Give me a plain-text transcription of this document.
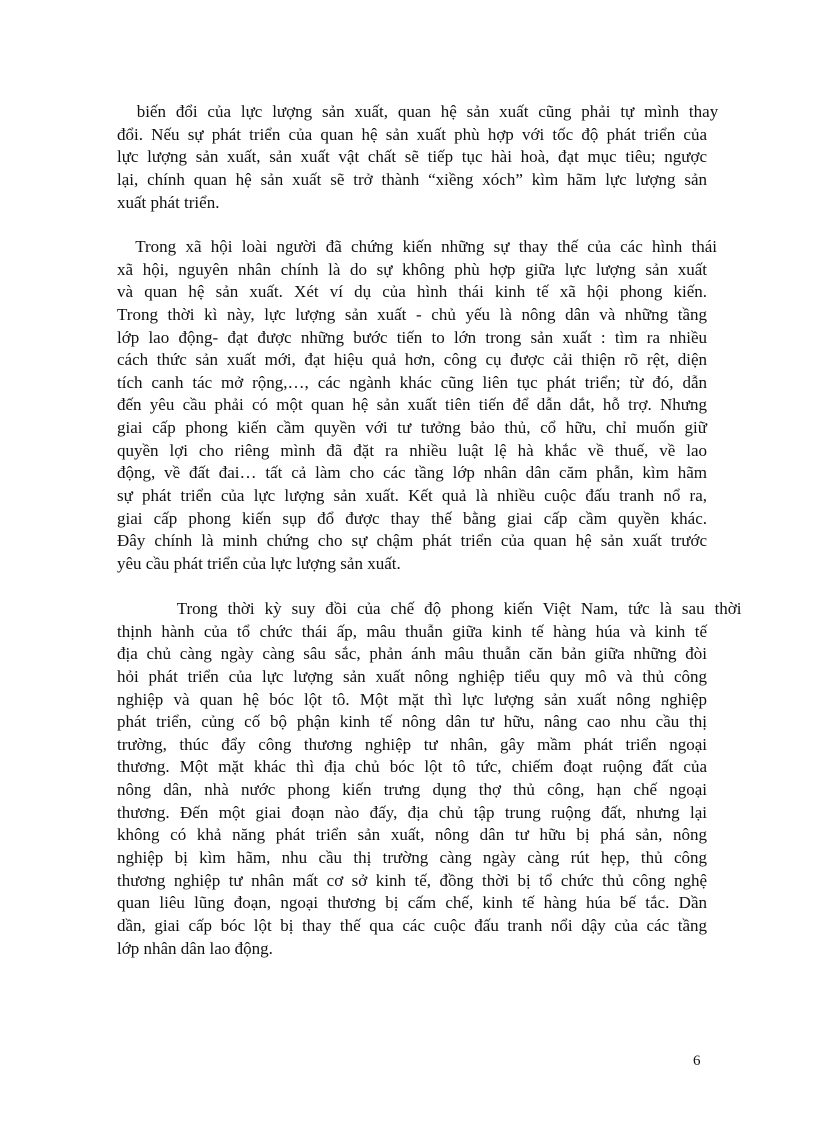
biến đổi của lực lượng sản xuất, quan hệ sản xuất cũng phải tự mình thay
đổi. Nếu sự phát triển của quan hệ sản xuất phù hợp với tốc độ phát triển của
lực lượng sản xuất, sản xuất vật chất sẽ tiếp tục hài hoà, đạt mục tiêu; ngược
lại, chính quan hệ sản xuất sẽ trở thành “xiềng xóch” kìm hãm lực lượng sản
xuất phát triển.
Trong xã hội loài người đã chứng kiến những sự thay thế của các hình thái
xã hội, nguyên nhân chính là do sự không phù hợp giữa lực lượng sản xuất
và quan hệ sản xuất. Xét ví dụ của hình thái kinh tế xã hội phong kiến.
Trong thời kì này, lực lượng sản xuất - chủ yếu là nông dân và những tầng
lớp lao động- đạt được những bước tiến to lớn trong sản xuất : tìm ra nhiều
cách thức sản xuất mới, đạt hiệu quả hơn, công cụ được cải thiện rõ rệt, diện
tích canh tác mở rộng,…, các ngành khác cũng liên tục phát triển; từ đó, dẫn
đến yêu cầu phải có một quan hệ sản xuất tiên tiến để dẫn dắt, hỗ trợ. Nhưng
giai cấp phong kiến cầm quyền với tư tưởng bảo thủ, cổ hữu, chỉ muốn giữ
quyền lợi cho riêng mình đã đặt ra nhiều luật lệ hà khắc về thuế, về lao
động, về đất đai… tất cả làm cho các tầng lớp nhân dân căm phẫn, kìm hãm
sự phát triển của lực lượng sản xuất. Kết quả là nhiều cuộc đấu tranh nổ ra,
giai cấp phong kiến sụp đổ được thay thế bằng giai cấp cầm quyền khác.
Đây chính là minh chứng cho sự chậm phát triển của quan hệ sản xuất trước
yêu cầu phát triển của lực lượng sản xuất.
Trong thời kỳ suy đồi của chế độ phong kiến Việt Nam, tức là sau thời
thịnh hành của tổ chức thái ấp, mâu thuẫn giữa kinh tế hàng húa và kinh tế
địa chủ càng ngày càng sâu sắc, phản ánh mâu thuẫn căn bản giữa những đòi
hỏi phát triển của lực lượng sản xuất nông nghiệp tiểu quy mô và thủ công
nghiệp và quan hệ bóc lột tô. Một mặt thì lực lượng sản xuất nông nghiệp
phát triển, củng cố bộ phận kinh tế nông dân tư hữu, nâng cao nhu cầu thị
trường, thúc đẩy công thương nghiệp tư nhân, gây mầm phát triển ngoại
thương. Một mặt khác thì địa chủ bóc lột tô tức, chiếm đoạt ruộng đất của
nông dân, nhà nước phong kiến trưng dụng thợ thủ công, hạn chế ngoại
thương. Đến một giai đoạn nào đấy, địa chủ tập trung ruộng đất, nhưng lại
không có khả năng phát triển sản xuất, nông dân tư hữu bị phá sản, nông
nghiệp bị kìm hãm, nhu cầu thị trường càng ngày càng rút hẹp, thủ công
thương nghiệp tư nhân mất cơ sở kinh tế, đồng thời bị tổ chức thủ công nghệ
quan liêu lũng đoạn, ngoại thương bị cấm chế, kinh tế hàng húa bế tắc. Dần
dần, giai cấp bóc lột bị thay thế qua các cuộc đấu tranh nổi dậy của các tầng
lớp nhân dân lao động.
6
